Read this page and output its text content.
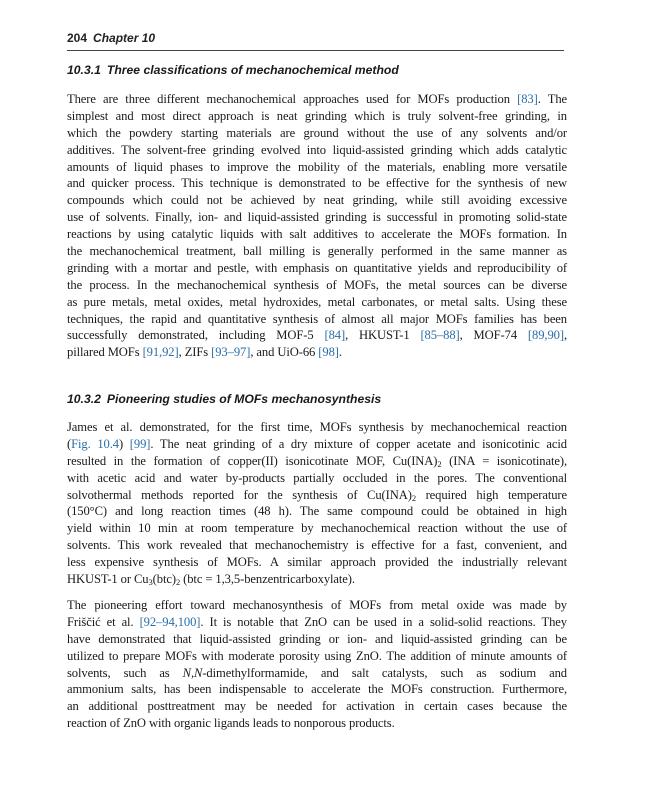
204 Chapter 10
10.3.1 Three classifications of mechanochemical method
There are three different mechanochemical approaches used for MOFs production [83]. The
simplest and most direct approach is neat grinding which is truly solvent-free grinding, in
which the powdery starting materials are ground without the use of any solvents and/or
additives. The solvent-free grinding evolved into liquid-assisted grinding which adds catalytic
amounts of liquid phases to improve the mobility of the materials, enabling more versatile
and quicker process. This technique is demonstrated to be effective for the synthesis of new
compounds which could not be achieved by neat grinding, while still avoiding excessive
use of solvents. Finally, ion- and liquid-assisted grinding is successful in promoting solid-state
reactions by using catalytic liquids with salt additives to accelerate the MOFs formation. In
the mechanochemical treatment, ball milling is generally performed in the same manner as
grinding with a mortar and pestle, with emphasis on quantitative yields and reproducibility of
the process. In the mechanochemical synthesis of MOFs, the metal sources can be diverse
as pure metals, metal oxides, metal hydroxides, metal carbonates, or metal salts. Using these
techniques, the rapid and quantitative synthesis of almost all major MOFs families has been
successfully demonstrated, including MOF-5 [84], HKUST-1 [85–88], MOF-74 [89,90],
pillared MOFs [91,92], ZIFs [93–97], and UiO-66 [98].
10.3.2 Pioneering studies of MOFs mechanosynthesis
James et al. demonstrated, for the first time, MOFs synthesis by mechanochemical reaction
(Fig. 10.4) [99]. The neat grinding of a dry mixture of copper acetate and isonicotinic acid
resulted in the formation of copper(II) isonicotinate MOF, $Cu(INA)_2$ (INA = isonicotinate),
with acetic acid and water by-products partially occluded in the pores. The conventional
solvothermal methods reported for the synthesis of $Cu(INA)_2$ required high temperature
(150°C) and long reaction times (48 h). The same compound could be obtained in high
yield within 10 min at room temperature by mechanochemical reaction without the use of
solvents. This work revealed that mechanochemistry is effective for a fast, convenient, and
less expensive synthesis of MOFs. A similar approach provided the industrially relevant
HKUST-1 or $Cu_3(btc)_2$ (btc = 1,3,5-benzentricarboxylate).
The pioneering effort toward mechanosynthesis of MOFs from metal oxide was made by
Friščić et al. [92–94,100]. It is notable that ZnO can be used in a solid-solid reactions. They
have demonstrated that liquid-assisted grinding or ion- and liquid-assisted grinding can be
utilized to prepare MOFs with moderate porosity using ZnO. The addition of minute amounts of
solvents, such as N,N-dimethylformamide, and salt catalysts, such as sodium and
ammonium salts, has been indispensable to accelerate the MOFs construction. Furthermore,
an additional posttreatment may be needed for activation in certain cases because the
reaction of ZnO with organic ligands leads to nonporous products.
